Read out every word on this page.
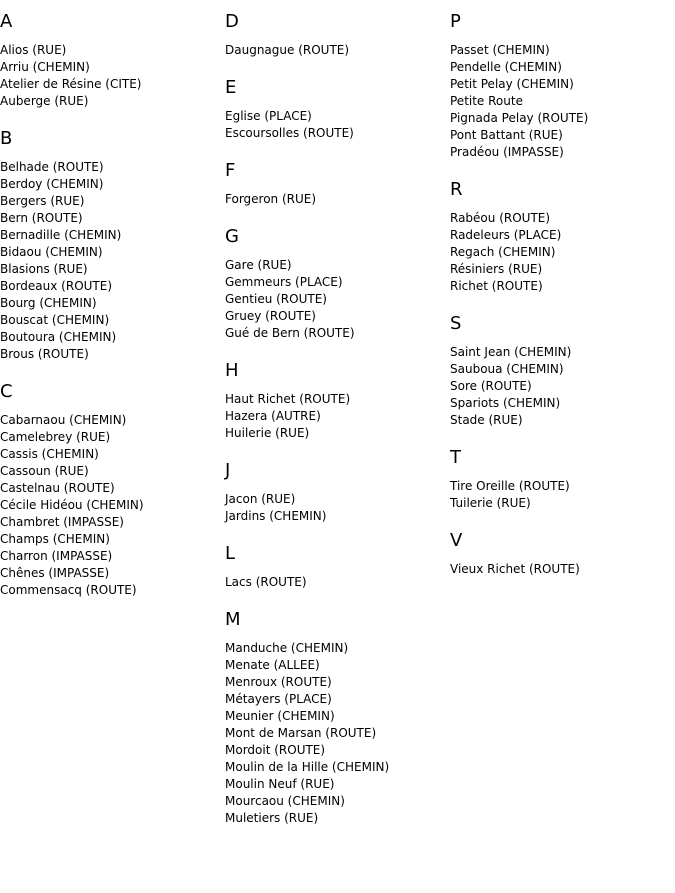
A
Alios (RUE)
Arriu (CHEMIN)
Atelier de Résine (CITE)
Auberge (RUE)
B
Belhade (ROUTE)
Berdoy (CHEMIN)
Bergers (RUE)
Bern (ROUTE)
Bernadille (CHEMIN)
Bidaou (CHEMIN)
Blasions (RUE)
Bordeaux (ROUTE)
Bourg (CHEMIN)
Bouscat (CHEMIN)
Boutoura (CHEMIN)
Brous (ROUTE)
C
Cabarnaou (CHEMIN)
Camelebrey (RUE)
Cassis (CHEMIN)
Cassoun (RUE)
Castelnau (ROUTE)
Cécile Hidéou (CHEMIN)
Chambret (IMPASSE)
Champs (CHEMIN)
Charron (IMPASSE)
Chênes (IMPASSE)
Commensacq (ROUTE)
D
Daugnague (ROUTE)
E
Eglise (PLACE)
Escoursolles (ROUTE)
F
Forgeron (RUE)
G
Gare (RUE)
Gemmeurs (PLACE)
Gentieu (ROUTE)
Gruey (ROUTE)
Gué de Bern (ROUTE)
H
Haut Richet (ROUTE)
Hazera (AUTRE)
Huilerie (RUE)
J
Jacon (RUE)
Jardins (CHEMIN)
L
Lacs (ROUTE)
M
Manduche (CHEMIN)
Menate (ALLEE)
Menroux (ROUTE)
Métayers (PLACE)
Meunier (CHEMIN)
Mont de Marsan (ROUTE)
Mordoit (ROUTE)
Moulin de la Hille (CHEMIN)
Moulin Neuf (RUE)
Mourcaou (CHEMIN)
Muletiers (RUE)
P
Passet (CHEMIN)
Pendelle (CHEMIN)
Petit Pelay (CHEMIN)
Petite Route
Pignada Pelay (ROUTE)
Pont Battant (RUE)
Pradéou (IMPASSE)
R
Rabéou (ROUTE)
Radeleurs (PLACE)
Regach (CHEMIN)
Résiniers (RUE)
Richet (ROUTE)
S
Saint Jean (CHEMIN)
Sauboua (CHEMIN)
Sore (ROUTE)
Spariots (CHEMIN)
Stade (RUE)
T
Tire Oreille (ROUTE)
Tuilerie (RUE)
V
Vieux Richet (ROUTE)
